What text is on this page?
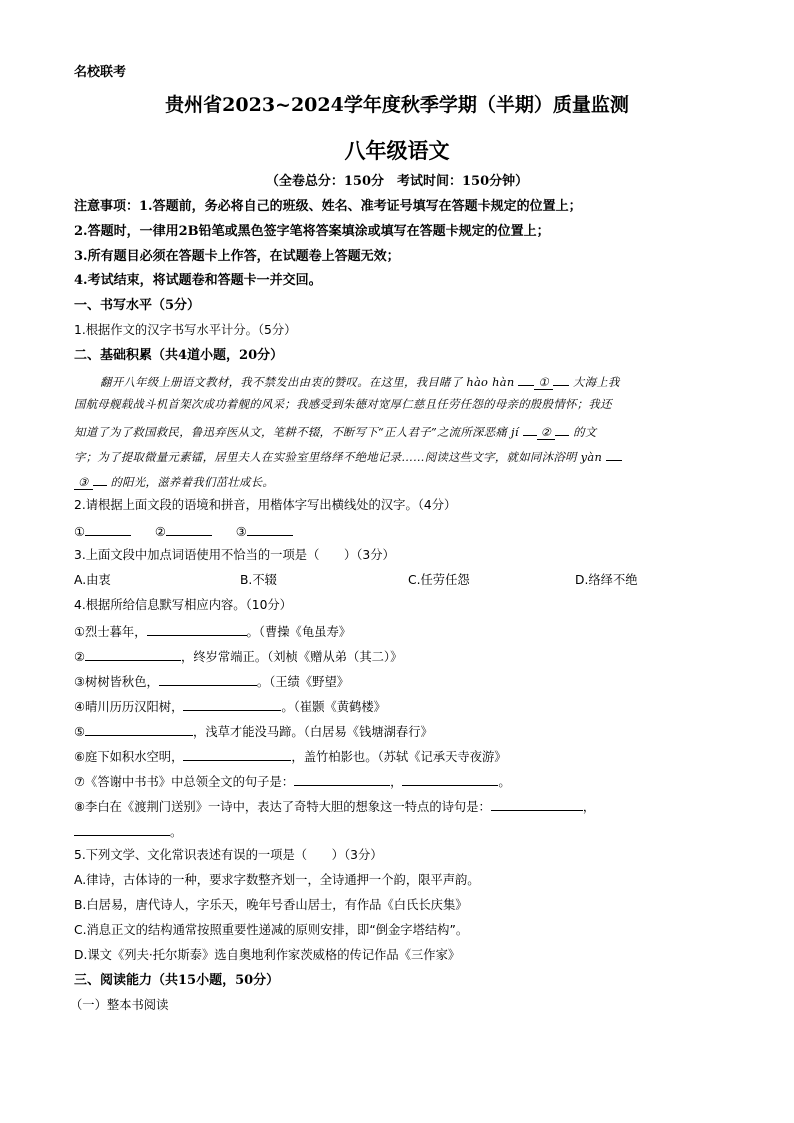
名校联考
贵州省2023~2024学年度秋季学期（半期）质量监测
八年级语文
（全卷总分：150分　考试时间：150分钟）
注意事项：1.答题前，务必将自己的班级、姓名、准考证号填写在答题卡规定的位置上；
2.答题时，一律用2B铅笔或黑色签字笔将答案填涂或填写在答题卡规定的位置上；
3.所有题目必须在答题卡上作答，在试题卷上答题无效；
4.考试结束，将试题卷和答题卡一并交回。
一、书写水平（5分）
1.根据作文的汉字书写水平计分。（5分）
二、基础积累（共4道小题，20分）
翻开八年级上册语文教材，我不禁发出由衷的赞叹。在这里，我目睹了 hào hàn ① 大海上我
国航母舰载战斗机首架次成功着舰的风采；我感受到朱德对宽厚仁慈且任劳任怨的母亲的殷殷情怀；我还
知道了为了救国救民，鲁迅弃医从文，笔耕不辍，不断写下“正人君子”之流所深恶痛 jí ② 的文
字；为了提取微量元素镭，居里夫人在实验室里络绎不绝地记录……阅读这些文字，就如同沐浴明 yàn
③ 的阳光，滋养着我们茁壮成长。
2.请根据上面文段的语境和拼音，用楷体字写出横线处的汉字。（4分）
①	②	③
3.上面文段中加点词语使用不恰当的一项是（　　）（3分）
A.由衷	B.不辍	C.任劳任怨	D.络绎不绝
4.根据所给信息默写相应内容。（10分）
①烈士暮年，	。（曹操《龟虽寿》
②	，终岁常端正。（刘桢《赠从弟（其二）》
③树树皆秋色，	。（王绩《野望》
④晴川历历汉阳树，	。（崔颢《黄鹤楼》
⑤	，浅草才能没马蹄。（白居易《钱塘湖春行》
⑥庭下如积水空明，	，盖竹柏影也。（苏轼《记承天寺夜游》
⑦《答谢中书书》中总领全文的句子是：	，	。
⑧李白在《渡荆门送别》一诗中，表达了奇特大胆的想象这一特点的诗句是：	，
。
5.下列文学、文化常识表述有误的一项是（　　）（3分）
A.律诗，古体诗的一种，要求字数整齐划一，全诗通押一个韵，限平声韵。
B.白居易，唐代诗人，字乐天，晚年号香山居士，有作品《白氏长庆集》
C.消息正文的结构通常按照重要性递减的原则安排，即“倒金字塔结构”。
D.课文《列夫·托尔斯泰》选自奥地利作家茨威格的传记作品《三作家》
三、阅读能力（共15小题，50分）
（一）整本书阅读
